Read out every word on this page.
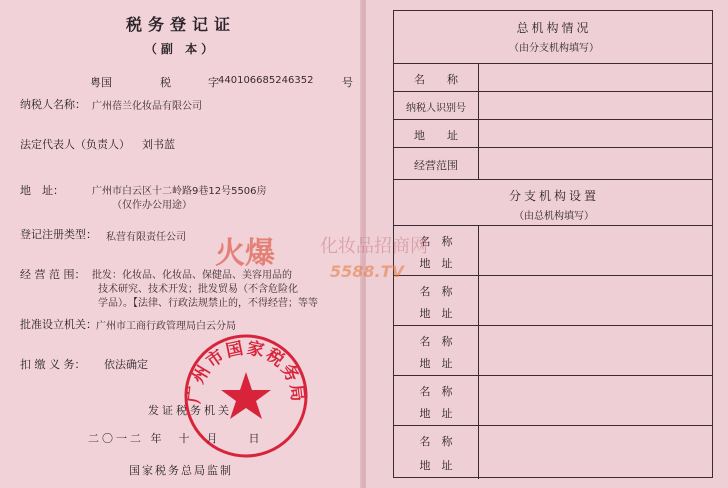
税务登记证
（副 本）
粤国	税	字 440106685246352	号
纳税人名称： 广州蓓兰化妆品有限公司
法定代表人（负责人） 刘书蓝
地　址：	广州市白云区十二岭路9巷12号5506房
（仅作办公用途）
登记注册类型： 私营有限责任公司
经 营 范 围： 批发：化妆品、化妆品、保健品、美容用品的
技术研究、技术开发；批发贸易（不含危险化
学品）。【法律、行政法规禁止的，不得经营；等等
批准设立机关： 广州市工商行政管理局白云分局
扣 缴 义 务： 依法确定
广州市国家税务局
发证税务机关
二〇一二 年　十　月　　日
国家税务总局监制
总机构情况
（由分支机构填写）
名　　称
纳税人识别号
地　　址
经营范围
分支机构设置
（由总机构填写）
名　称
地　址
名　称
地　址
名　称
地　址
名　称
地　址
名　称
地　址
火爆	化妆品招商网
5588.TV
